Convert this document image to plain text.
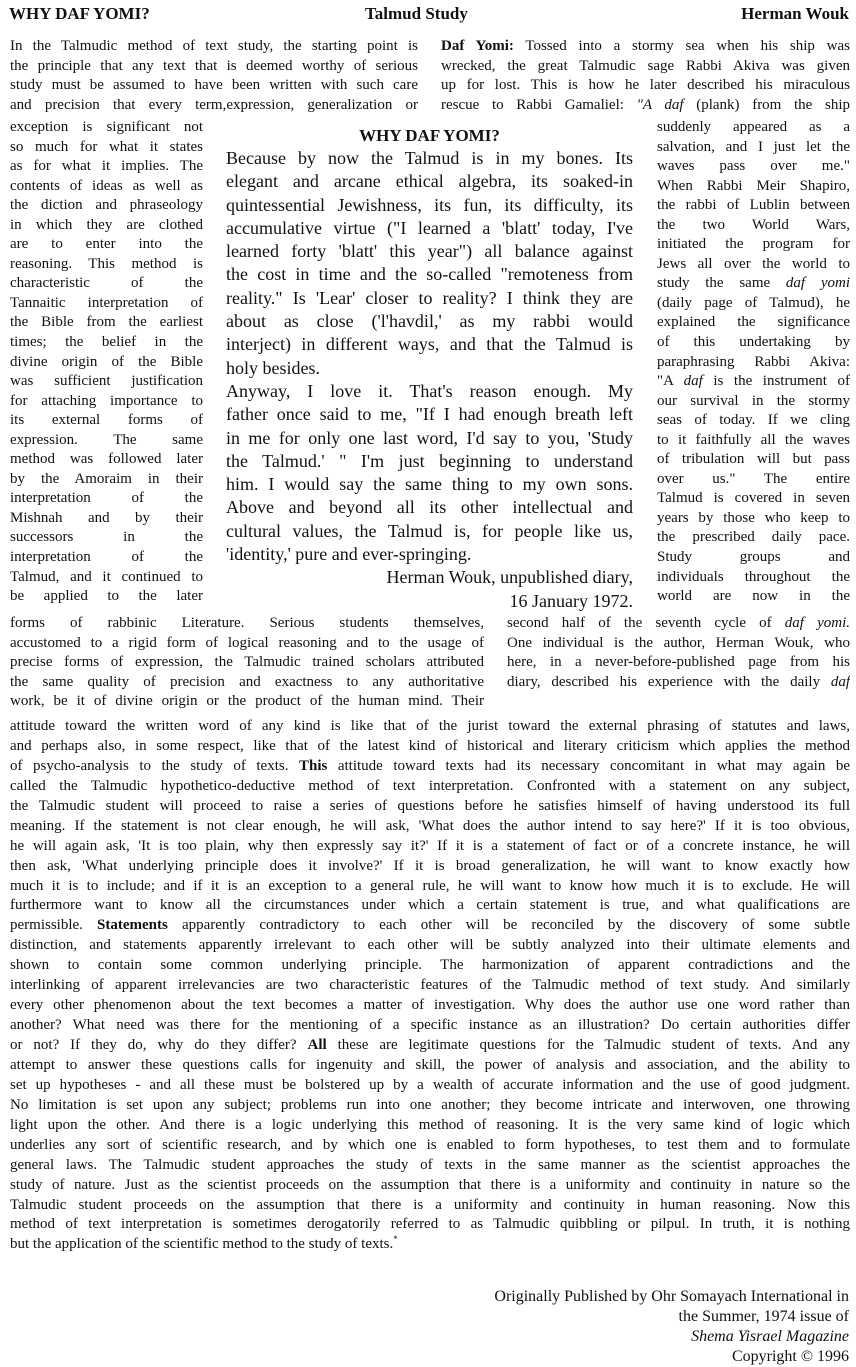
WHY DAF YOMI?	Talmud Study	Herman Wouk
In the Talmudic method of text study, the starting point is
the principle that any text that is deemed worthy of serious
study must be assumed to have been written with such care
and precision that every term,expression, generalization or
Daf Yomi: Tossed into a stormy sea when his ship was
wrecked, the great Talmudic sage Rabbi Akiva was given
up for lost. This is how he later described his miraculous
rescue to Rabbi Gamaliel: "A daf (plank) from the ship
exception is significant not
so much for what it states
as for what it implies. The
contents of ideas as well as
the diction and phraseology
in which they are clothed
are to enter into the
reasoning. This method is
characteristic of the
Tannaitic interpretation of
the Bible from the earliest
times; the belief in the
divine origin of the Bible
was sufficient justification
for attaching importance to
its external forms of
expression. The same
method was followed later
by the Amoraim in their
interpretation of the
Mishnah and by their
successors in the
interpretation of the
Talmud, and it continued to
be applied to the later
suddenly appeared as a
salvation, and I just let the
waves pass over me."
When Rabbi Meir Shapiro,
the rabbi of Lublin between
the two World Wars,
initiated the program for
Jews all over the world to
study the same daf yomi
(daily page of Talmud), he
explained the significance
of this undertaking by
paraphrasing Rabbi Akiva:
"A daf is the instrument of
our survival in the stormy
seas of today. If we cling
to it faithfully all the waves
of tribulation will but pass
over us." The entire
Talmud is covered in seven
years by those who keep to
the prescribed daily pace.
Study groups and
individuals throughout the
world are now in the
WHY DAF YOMI?
Because by now the Talmud is in my bones. Its
elegant and arcane ethical algebra, its soaked-in
quintessential Jewishness, its fun, its difficulty, its
accumulative virtue ("I learned a 'blatt' today, I've
learned forty 'blatt' this year") all balance against
the cost in time and the so-called "remoteness from
reality." Is 'Lear' closer to reality? I think they are
about as close ('l'havdil,' as my rabbi would
interject) in different ways, and that the Talmud is
holy besides.
Anyway, I love it. That's reason enough. My
father once said to me, "If I had enough breath left
in me for only one last word, I'd say to you, 'Study
the Talmud.' " I'm just beginning to understand
him. I would say the same thing to my own sons.
Above and beyond all its other intellectual and
cultural values, the Talmud is, for people like us,
'identity,' pure and ever-springing.
Herman Wouk, unpublished diary,
16 January 1972.
forms of rabbinic Literature. Serious students themselves,
accustomed to a rigid form of logical reasoning and to the usage of
precise forms of expression, the Talmudic trained scholars attributed
the same quality of precision and exactness to any authoritative
work, be it of divine origin or the product of the human mind. Their
second half of the seventh cycle of daf yomi.
One individual is the author, Herman Wouk, who
here, in a never-before-published page from his
diary, described his experience with the daily daf
attitude toward the written word of any kind is like that of the jurist toward the external phrasing of statutes and laws,
and perhaps also, in some respect, like that of the latest kind of historical and literary criticism which applies the method
of psycho-analysis to the study of texts. This attitude toward texts had its necessary concomitant in what may again be
called the Talmudic hypothetico-deductive method of text interpretation. Confronted with a statement on any subject,
the Talmudic student will proceed to raise a series of questions before he satisfies himself of having understood its full
meaning. If the statement is not clear enough, he will ask, 'What does the author intend to say here?' If it is too obvious,
he will again ask, 'It is too plain, why then expressly say it?' If it is a statement of fact or of a concrete instance, he will
then ask, 'What underlying principle does it involve?' If it is broad generalization, he will want to know exactly how
much it is to include; and if it is an exception to a general rule, he will want to know how much it is to exclude. He will
furthermore want to know all the circumstances under which a certain statement is true, and what qualifications are
permissible. Statements apparently contradictory to each other will be reconciled by the discovery of some subtle
distinction, and statements apparently irrelevant to each other will be subtly analyzed into their ultimate elements and
shown to contain some common underlying principle. The harmonization of apparent contradictions and the
interlinking of apparent irrelevancies are two characteristic features of the Talmudic method of text study. And similarly
every other phenomenon about the text becomes a matter of investigation. Why does the author use one word rather than
another? What need was there for the mentioning of a specific instance as an illustration? Do certain authorities differ
or not? If they do, why do they differ? All these are legitimate questions for the Talmudic student of texts. And any
attempt to answer these questions calls for ingenuity and skill, the power of analysis and association, and the ability to
set up hypotheses - and all these must be bolstered up by a wealth of accurate information and the use of good judgment.
No limitation is set upon any subject; problems run into one another; they become intricate and interwoven, one throwing
light upon the other. And there is a logic underlying this method of reasoning. It is the very same kind of logic which
underlies any sort of scientific research, and by which one is enabled to form hypotheses, to test them and to formulate
general laws. The Talmudic student approaches the study of texts in the same manner as the scientist approaches the
study of nature. Just as the scientist proceeds on the assumption that there is a uniformity and continuity in nature so the
Talmudic student proceeds on the assumption that there is a uniformity and continuity in human reasoning. Now this
method of text interpretation is sometimes derogatorily referred to as Talmudic quibbling or pilpul. In truth, it is nothing
but the application of the scientific method to the study of texts.*
Originally Published by Ohr Somayach International in
the Summer, 1974 issue of
Shema Yisrael Magazine
Copyright © 1996
